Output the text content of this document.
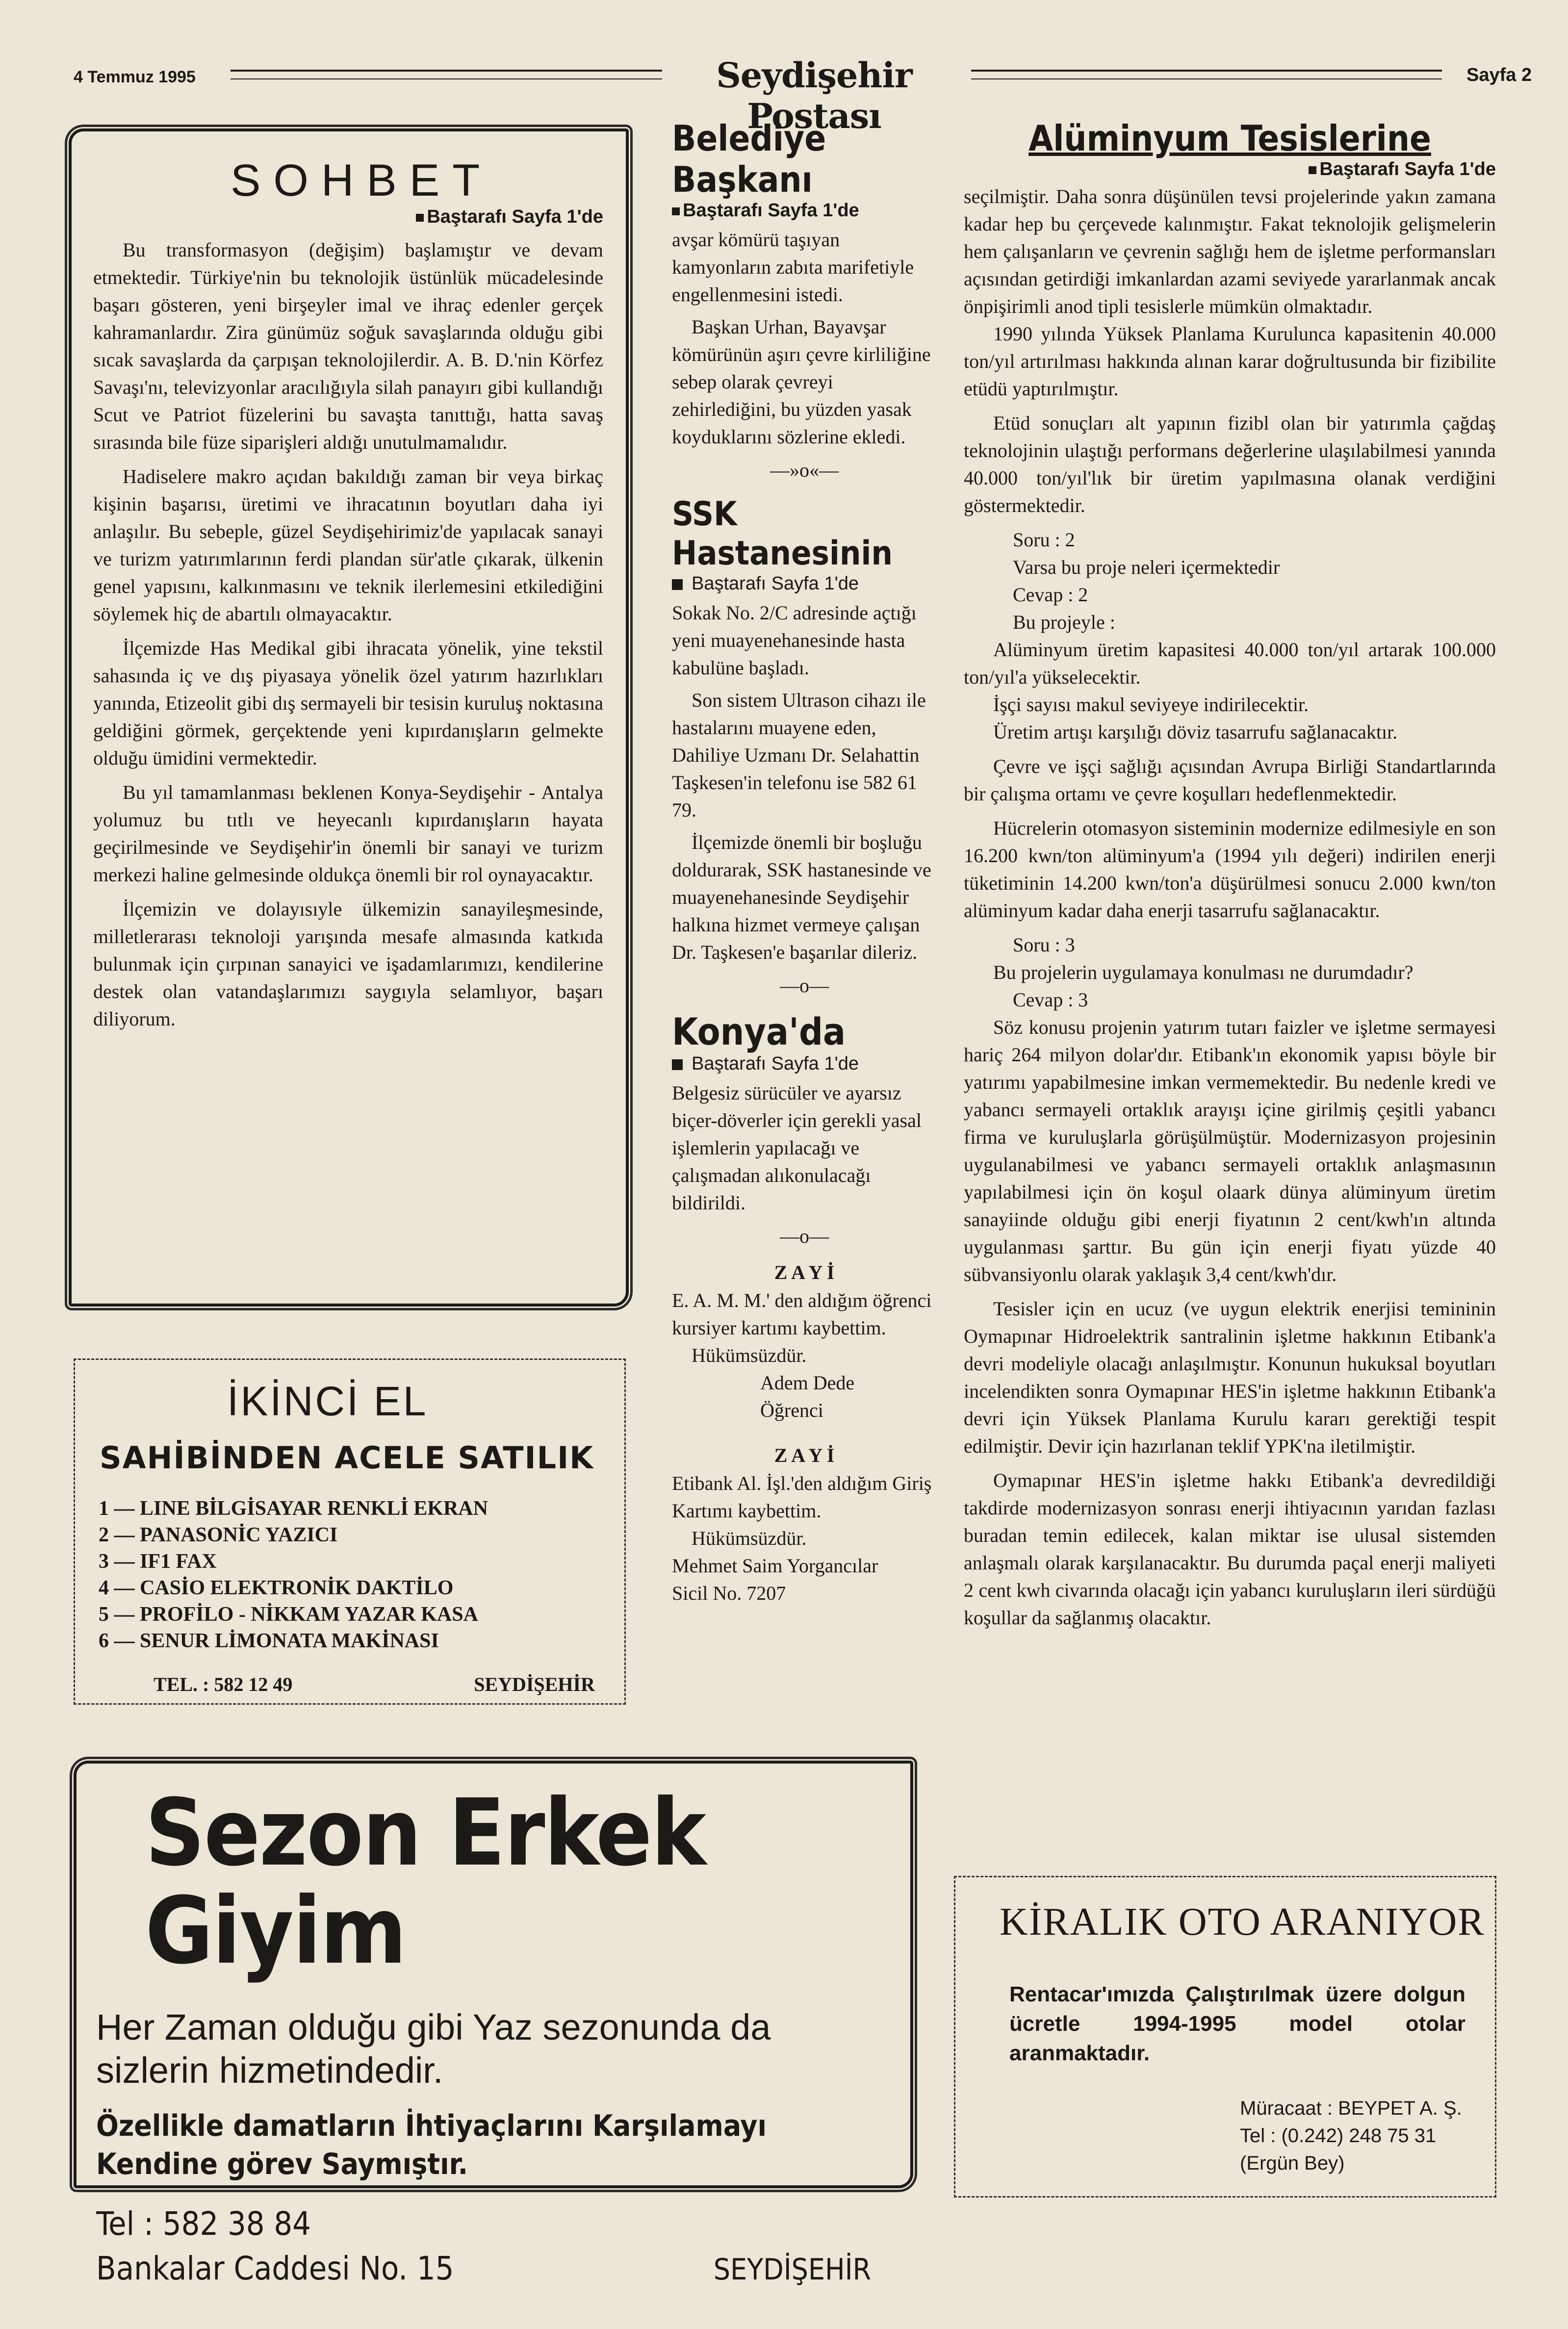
4 Temmuz 1995	Seydişehir Postası
Sayfa 2
SOHBET
Baştarafı Sayfa 1'de

Bu transformasyon (değişim) başlamıştır ve devam etmektedir. Türkiye'nin bu teknolojik üstünlük mücadelesinde başarı gösteren, yeni birşeyler imal ve ihraç edenler gerçek kahramanlardır. Zira günümüz soğuk savaşlarında olduğu gibi sıcak savaşlarda da çarpışan teknolojilerdir. A. B. D.'nin Körfez Savaşı'nı, televizyonlar aracılığıyla silah panayırı gibi kullandığı Scut ve Patriot füzelerini bu savaşta tanıttığı, hatta savaş sırasında bile füze siparişleri aldığı unutulmamalıdır.

Hadiselere makro açıdan bakıldığı zaman bir veya birkaç kişinin başarısı, üretimi ve ihracatının boyutları daha iyi anlaşılır. Bu sebeple, güzel Seydişehirimiz'de yapılacak sanayi ve turizm yatırımlarının ferdi plandan sür'atle çıkarak, ülkenin genel yapısını, kalkınmasını ve teknik ilerlemesini etkilediğini söylemek hiç de abartılı olmayacaktır.

İlçemizde Has Medikal gibi ihracata yönelik, yine tekstil sahasında iç ve dış piyasaya yönelik özel yatırım hazırlıkları yanında, Etizeolit gibi dış sermayeli bir tesisin kuruluş noktasına geldiğini görmek, gerçektende yeni kıpırdanışların gelmekte olduğu ümidini vermektedir.

Bu yıl tamamlanması beklenen Konya-Seydişehir - Antalya yolumuz bu tıtlı ve heyecanlı kıpırdanışların hayata geçirilmesinde ve Seydişehir'in önemli bir sanayi ve turizm merkezi haline gelmesinde oldukça önemli bir rol oynayacaktır.

İlçemizin ve dolayısıyle ülkemizin sanayileşmesinde, milletlerarası teknoloji yarışında mesafe almasında katkıda bulunmak için çırpınan sanayici ve işadamlarımızı, kendilerine destek olan vatandaşlarımızı saygıyla selamlıyor, başarı diliyorum.

İKİNCİ EL
SAHİBİNDEN ACELE SATILIK
1 — LINE BİLGİSAYAR RENKLİ EKRAN
2 — PANASONİC YAZICI
3 — IF1 FAX
4 — CASİO ELEKTRONİK DAKTİLO
5 — PROFİLO - NİKKAM YAZAR KASA
6 — SENUR LİMONATA MAKİNASI
TEL. : 582 12 49	SEYDİŞEHİR
Belediye Başkanı
Baştarafı Sayfa 1'de

avşar kömürü taşıyan kamyonların zabıta marifetiyle engellenmesini istedi.

Başkan Urhan, Bayavşar kömürünün aşırı çevre kirliliğine sebep olarak çevreyi zehirlediğini, bu yüzden yasak koyduklarını sözlerine ekledi.

—»o«—
SSK Hastanesinin
Baştarafı Sayfa 1'de

Sokak No. 2/C adresinde açtığı yeni muayenehanesinde hasta kabulüne başladı.

Son sistem Ultrason cihazı ile hastalarını muayene eden, Dahiliye Uzmanı Dr. Selahattin Taşkesen'in telefonu ise 582 61 79.

İlçemizde önemli bir boşluğu doldurarak, SSK hastanesinde ve muayenehanesinde Seydişehir halkına hizmet vermeye çalışan Dr. Taşkesen'e başarılar dileriz.

—o—
Konya'da
Baştarafı Sayfa 1'de

Belgesiz sürücüler ve ayarsız biçer-döverler için gerekli yasal işlemlerin yapılacağı ve çalışmadan alıkonulacağı bildirildi.

—o—
Z A Y İ

E. A. M. M.' den aldığım öğrenci kursiyer kartımı kaybettim.

Hükümsüzdür.

Adem Dede

Öğrenci

Z A Y İ

Etibank Al. İşl.'den aldığım Giriş Kartımı kaybettim.

Hükümsüzdür.

Mehmet Saim Yorgancılar

Sicil No. 7207

Alüminyum Tesislerine
Baştarafı Sayfa 1'de

seçilmiştir. Daha sonra düşünülen tevsi projelerinde yakın zamana kadar hep bu çerçevede kalınmıştır. Fakat teknolojik gelişmelerin hem çalışanların ve çevrenin sağlığı hem de işletme performansları açısından getirdiği imkanlardan azami seviyede yararlanmak ancak önpişirimli anod tipli tesislerle mümkün olmaktadır.

1990 yılında Yüksek Planlama Kurulunca kapasitenin 40.000 ton/yıl artırılması hakkında alınan karar doğrultusunda bir fizibilite etüdü yaptırılmıştır.

Etüd sonuçları alt yapının fizibl olan bir yatırımla çağdaş teknolojinin ulaştığı performans değerlerine ulaşılabilmesi yanında 40.000 ton/yıl'lık bir üretim yapılmasına olanak verdiğini göstermektedir.

Soru : 2

Varsa bu proje neleri içermektedir

Cevap : 2

Bu projeyle :

Alüminyum üretim kapasitesi 40.000 ton/yıl artarak 100.000 ton/yıl'a yükselecektir.

İşçi sayısı makul seviyeye indirilecektir.

Üretim artışı karşılığı döviz tasarrufu sağlanacaktır.

Çevre ve işçi sağlığı açısından Avrupa Birliği Standartlarında bir çalışma ortamı ve çevre koşulları hedeflenmektedir.

Hücrelerin otomasyon sisteminin modernize edilmesiyle en son 16.200 kwn/ton alüminyum'a (1994 yılı değeri) indirilen enerji tüketiminin 14.200 kwn/ton'a düşürülmesi sonucu 2.000 kwn/ton alüminyum kadar daha enerji tasarrufu sağlanacaktır.

Soru : 3

Bu projelerin uygulamaya konulması ne durumdadır?

Cevap : 3

Söz konusu projenin yatırım tutarı faizler ve işletme sermayesi hariç 264 milyon dolar'dır. Etibank'ın ekonomik yapısı böyle bir yatırımı yapabilmesine imkan vermemektedir. Bu nedenle kredi ve yabancı sermayeli ortaklık arayışı içine girilmiş çeşitli yabancı firma ve kuruluşlarla görüşülmüştür. Modernizasyon projesinin uygulanabilmesi ve yabancı sermayeli ortaklık anlaşmasının yapılabilmesi için ön koşul olaark dünya alüminyum üretim sanayiinde olduğu gibi enerji fiyatının 2 cent/kwh'ın altında uygulanması şarttır. Bu gün için enerji fiyatı yüzde 40 sübvansiyonlu olarak yaklaşık 3,4 cent/kwh'dır.

Tesisler için en ucuz (ve uygun elektrik enerjisi temininin Oymapınar Hidroelektrik santralinin işletme hakkının Etibank'a devri modeliyle olacağı anlaşılmıştır. Konunun hukuksal boyutları incelendikten sonra Oymapınar HES'in işletme hakkının Etibank'a devri için Yüksek Planlama Kurulu kararı gerektiği tespit edilmiştir. Devir için hazırlanan teklif YPK'na iletilmiştir.

Oymapınar HES'in işletme hakkı Etibank'a devredildiği takdirde modernizasyon sonrası enerji ihtiyacının yarıdan fazlası buradan temin edilecek, kalan miktar ise ulusal sistemden anlaşmalı olarak karşılanacaktır. Bu durumda paçal enerji maliyeti 2 cent kwh civarında olacağı için yabancı kuruluşların ileri sürdüğü koşullar da sağlanmış olacaktır.

Sezon Erkek Giyim
Her Zaman olduğu gibi Yaz sezonunda da sizlerin hizmetindedir.
Özellikle damatların İhtiyaçlarını Karşılamayı Kendine görev Saymıştır.
Tel : 582 38 84
Bankalar Caddesi No. 15	SEYDİŞEHİR
KİRALIK OTO ARANIYOR
Rentacar'ımızda Çalıştırılmak üzere dolgun ücretle 1994-1995 model otolar aranmaktadır.
Müracaat : BEYPET A. Ş.
Tel : (0.242) 248 75 31
(Ergün Bey)
